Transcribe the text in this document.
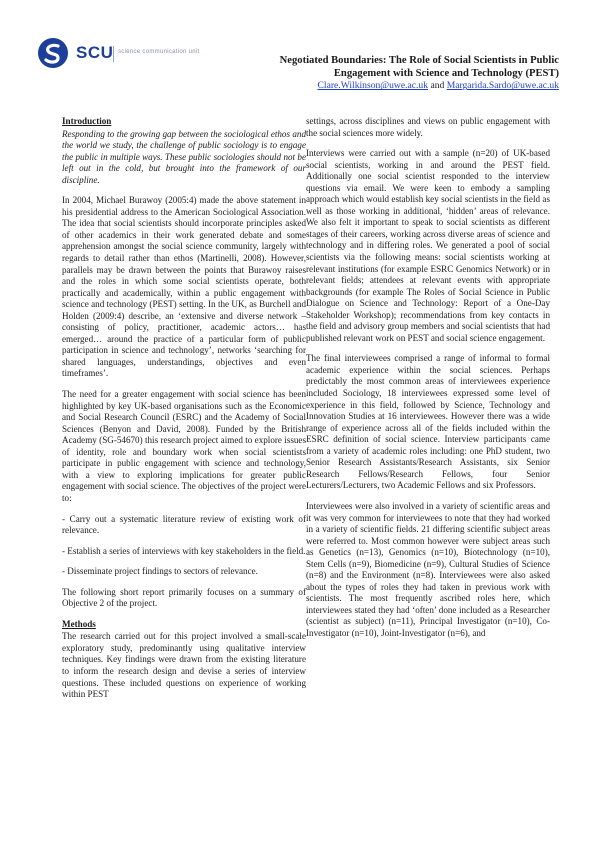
SCU science communication unit
Negotiated Boundaries: The Role of Social Scientists in Public
Engagement with Science and Technology (PEST)
Clare.Wilkinson@uwe.ac.uk and Margarida.Sardo@uwe.ac.uk
Introduction

Responding to the growing gap between the sociological ethos and the world we study, the challenge of public sociology is to engage the public in multiple ways. These public sociologies should not be left out in the cold, but brought into the framework of our discipline.

In 2004, Michael Burawoy (2005:4) made the above statement in his presidential address to the American Sociological Association. The idea that social scientists should incorporate principles asked of other academics in their work generated debate and some apprehension amongst the social science community, largely with regards to detail rather than ethos (Martinelli, 2008). However, parallels may be drawn between the points that Burawoy raises and the roles in which some social scientists operate, both practically and academically, within a public engagement with science and technology (PEST) setting. In the UK, as Burchell and Holden (2009:4) describe, an ‘extensive and diverse network – consisting of policy, practitioner, academic actors… has emerged… around the practice of a particular form of public participation in science and technology’, networks ‘searching for shared languages, understandings, objectives and even timeframes’.

The need for a greater engagement with social science has been highlighted by key UK-based organisations such as the Economic and Social Research Council (ESRC) and the Academy of Social Sciences (Benyon and David, 2008). Funded by the British Academy (SG-54670) this research project aimed to explore issues of identity, role and boundary work when social scientists participate in public engagement with science and technology, with a view to exploring implications for greater public engagement with social science. The objectives of the project were to:

- Carry out a systematic literature review of existing work of relevance.

- Establish a series of interviews with key stakeholders in the field.

- Disseminate project findings to sectors of relevance.

The following short report primarily focuses on a summary of Objective 2 of the project.

Methods

The research carried out for this project involved a small-scale exploratory study, predominantly using qualitative interview techniques. Key findings were drawn from the existing literature to inform the research design and devise a series of interview questions. These included questions on experience of working within PEST

settings, across disciplines and views on public engagement with the social sciences more widely.

Interviews were carried out with a sample (n=20) of UK-based social scientists, working in and around the PEST field. Additionally one social scientist responded to the interview questions via email. We were keen to embody a sampling approach which would establish key social scientists in the field as well as those working in additional, ‘hidden’ areas of relevance. We also felt it important to speak to social scientists as different stages of their careers, working across diverse areas of science and technology and in differing roles. We generated a pool of social scientists via the following means: social scientists working at relevant institutions (for example ESRC Genomics Network) or in relevant fields; attendees at relevant events with appropriate backgrounds (for example The Roles of Social Science in Public Dialogue on Science and Technology: Report of a One-Day Stakeholder Workshop); recommendations from key contacts in the field and advisory group members and social scientists that had published relevant work on PEST and social science engagement.

The final interviewees comprised a range of informal to formal academic experience within the social sciences. Perhaps predictably the most common areas of interviewees experience included Sociology, 18 interviewees expressed some level of experience in this field, followed by Science, Technology and Innovation Studies at 16 interviewees. However there was a wide range of experience across all of the fields included within the ESRC definition of social science. Interview participants came from a variety of academic roles including: one PhD student, two Senior Research Assistants/Research Assistants, six Senior Research Fellows/Research Fellows, four Senior Lecturers/Lecturers, two Academic Fellows and six Professors.

Interviewees were also involved in a variety of scientific areas and it was very common for interviewees to note that they had worked in a variety of scientific fields. 21 differing scientific subject areas were referred to. Most common however were subject areas such as Genetics (n=13), Genomics (n=10), Biotechnology (n=10), Stem Cells (n=9), Biomedicine (n=9), Cultural Studies of Science (n=8) and the Environment (n=8). Interviewees were also asked about the types of roles they had taken in previous work with scientists. The most frequently ascribed roles here, which interviewees stated they had ‘often’ done included as a Researcher (scientist as subject) (n=11), Principal Investigator (n=10), Co-Investigator (n=10), Joint-Investigator (n=6), and
